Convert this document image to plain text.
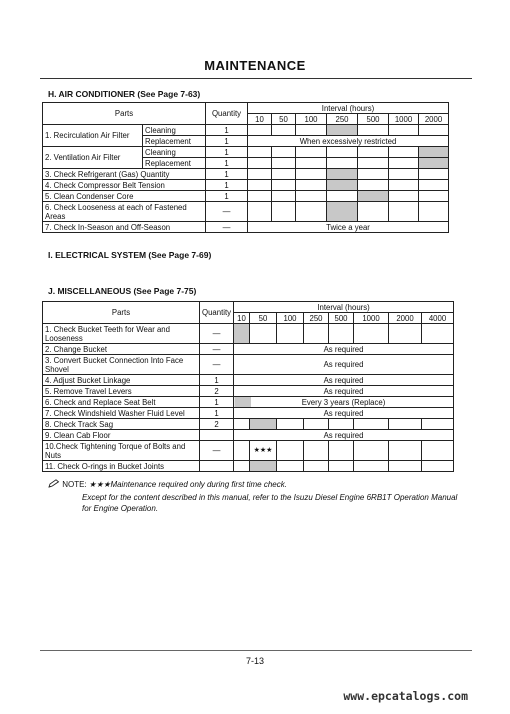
MAINTENANCE
H. AIR CONDITIONER (See Page 7-63)
Parts		Quantity	Interval (hours)						
			10	50	100	250	500	1000	2000
1. Recirculation Air Filter	Cleaning	1							
	Replacement	1	When excessively restricted						
2. Ventilation Air Filter	Cleaning	1							
	Replacement	1							
3. Check Refrigerant (Gas) Quantity		1							
4. Check Compressor Belt Tension		1							
5. Clean Condenser Core		1							
6. Check Looseness at each of Fastened Areas		—							
7. Check In-Season and Off-Season		—	Twice a year						
I. ELECTRICAL SYSTEM (See Page 7-69)
J. MISCELLANEOUS (See Page 7-75)
Parts	Quantity	Interval (hours)							
		10	50	100	250	500	1000	2000	4000
1. Check Bucket Teeth for Wear and Looseness	—								
2. Change Bucket	—	As required							
3. Convert Bucket Connection Into Face Shovel	—	As required							
4. Adjust Bucket Linkage	1	As required							
5. Remove Travel Levers	2	As required							
6. Check and Replace Seat Belt	1	Every 3 years (Replace)							
7. Check Windshield Washer Fluid Level	1	As required							
8. Check Track Sag	2								
9. Clean Cab Floor		As required							
10.Check Tightening Torque of Bolts and Nuts	—		★★★						
11. Check O-rings in Bucket Joints									
NOTE: ★★★Maintenance required only during first time check.
Except for the content described in this manual, refer to the Isuzu Diesel Engine 6RB1T Operation Manual for Engine Operation.
7-13
www.epcatalogs.com
